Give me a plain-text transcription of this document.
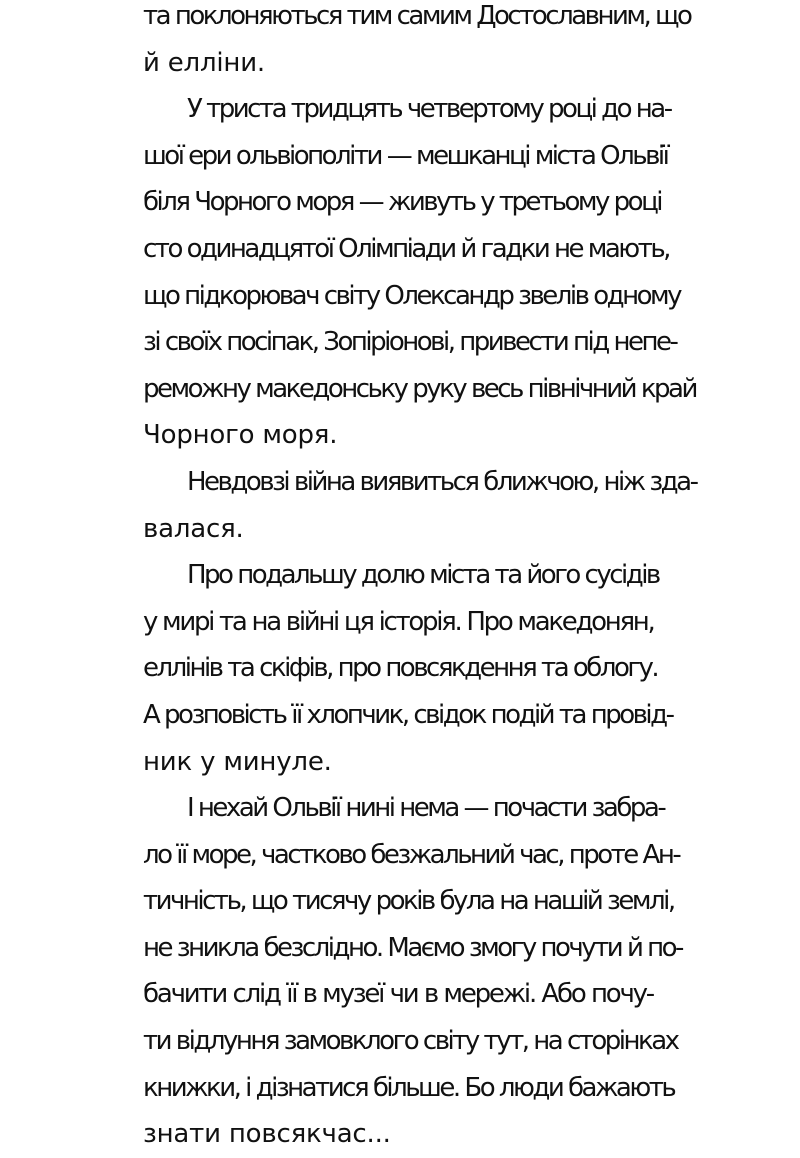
та поклоняються тим самим Достославним, що
й елліни.
У триста тридцять четвертому році до на-
шої ери ольвіополіти — мешканці міста Ольвії
біля Чорного моря — живуть у третьому році
сто одинадцятої Олімпіади й гадки не мають,
що підкорювач світу Олександр звелів одному
зі своїх посіпак, Зопіріонові, привести під непе-
реможну македонську руку весь північний край
Чорного моря.
Невдовзі війна виявиться ближчою, ніж зда-
валася.
Про подальшу долю міста та його сусідів
у мирі та на війні ця історія. Про македонян,
еллінів та скіфів, про повсякдення та облогу.
А розповість її хлопчик, свідок подій та провід-
ник у минуле.
І нехай Ольвії нині нема — почасти забра-
ло її море, частково безжальний час, проте Ан-
тичність, що тисячу років була на нашій землі,
не зникла безслідно. Маємо змогу почути й по-
бачити слід її в музеї чи в мережі. Або почу-
ти відлуння замовклого світу тут, на сторінках
книжки, і дізнатися більше. Бо люди бажають
знати повсякчас...
